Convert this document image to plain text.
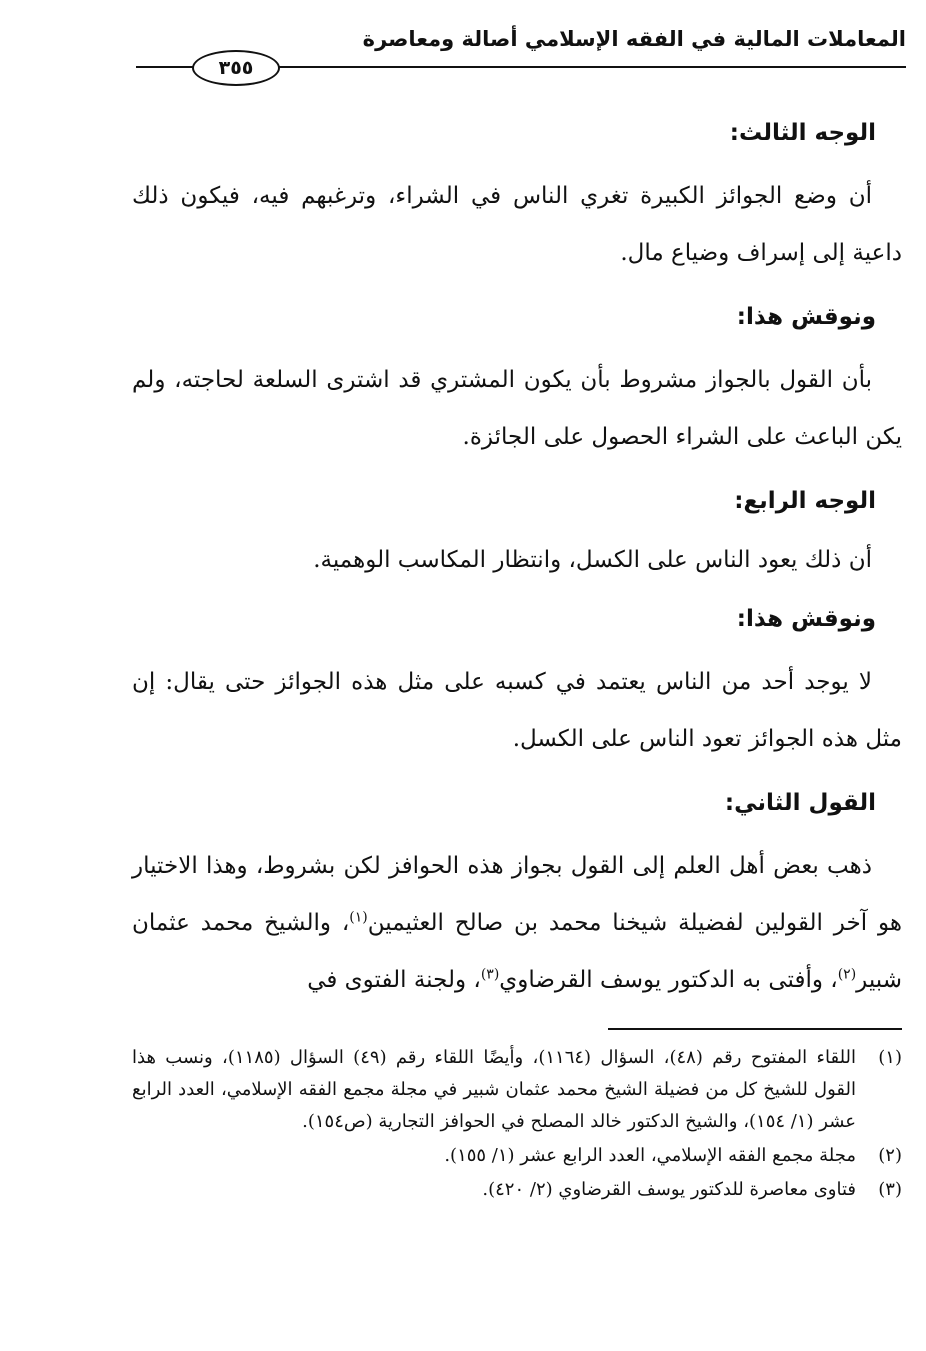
المعاملات المالية في الفقه الإسلامي أصالة ومعاصرة
٣٥٥
الوجه الثالث:
أن وضع الجوائز الكبيرة تغري الناس في الشراء، وترغبهم فيه، فيكون ذلك داعية إلى إسراف وضياع مال.
ونوقش هذا:
بأن القول بالجواز مشروط بأن يكون المشتري قد اشترى السلعة لحاجته، ولم يكن الباعث على الشراء الحصول على الجائزة.
الوجه الرابع:
أن ذلك يعود الناس على الكسل، وانتظار المكاسب الوهمية.
ونوقش هذا:
لا يوجد أحد من الناس يعتمد في كسبه على مثل هذه الجوائز حتى يقال: إن مثل هذه الجوائز تعود الناس على الكسل.
القول الثاني:
ذهب بعض أهل العلم إلى القول بجواز هذه الحوافز لكن بشروط، وهذا الاختيار هو آخر القولين لفضيلة شيخنا محمد بن صالح العثيمين$^{(١)}$، والشيخ محمد عثمان شبير$^{(٢)}$، وأفتى به الدكتور يوسف القرضاوي$^{(٣)}$، ولجنة الفتوى في
(١)
اللقاء المفتوح رقم (٤٨)، السؤال (١١٦٤)، وأيضًا اللقاء رقم (٤٩) السؤال (١١٨٥)، ونسب هذا القول للشيخ كل من فضيلة الشيخ محمد عثمان شبير في مجلة مجمع الفقه الإسلامي، العدد الرابع عشر (١/ ١٥٤)، والشيخ الدكتور خالد المصلح في الحوافز التجارية (ص١٥٤).
(٢)
مجلة مجمع الفقه الإسلامي، العدد الرابع عشر (١/ ١٥٥).
(٣)
فتاوى معاصرة للدكتور يوسف القرضاوي (٢/ ٤٢٠).
